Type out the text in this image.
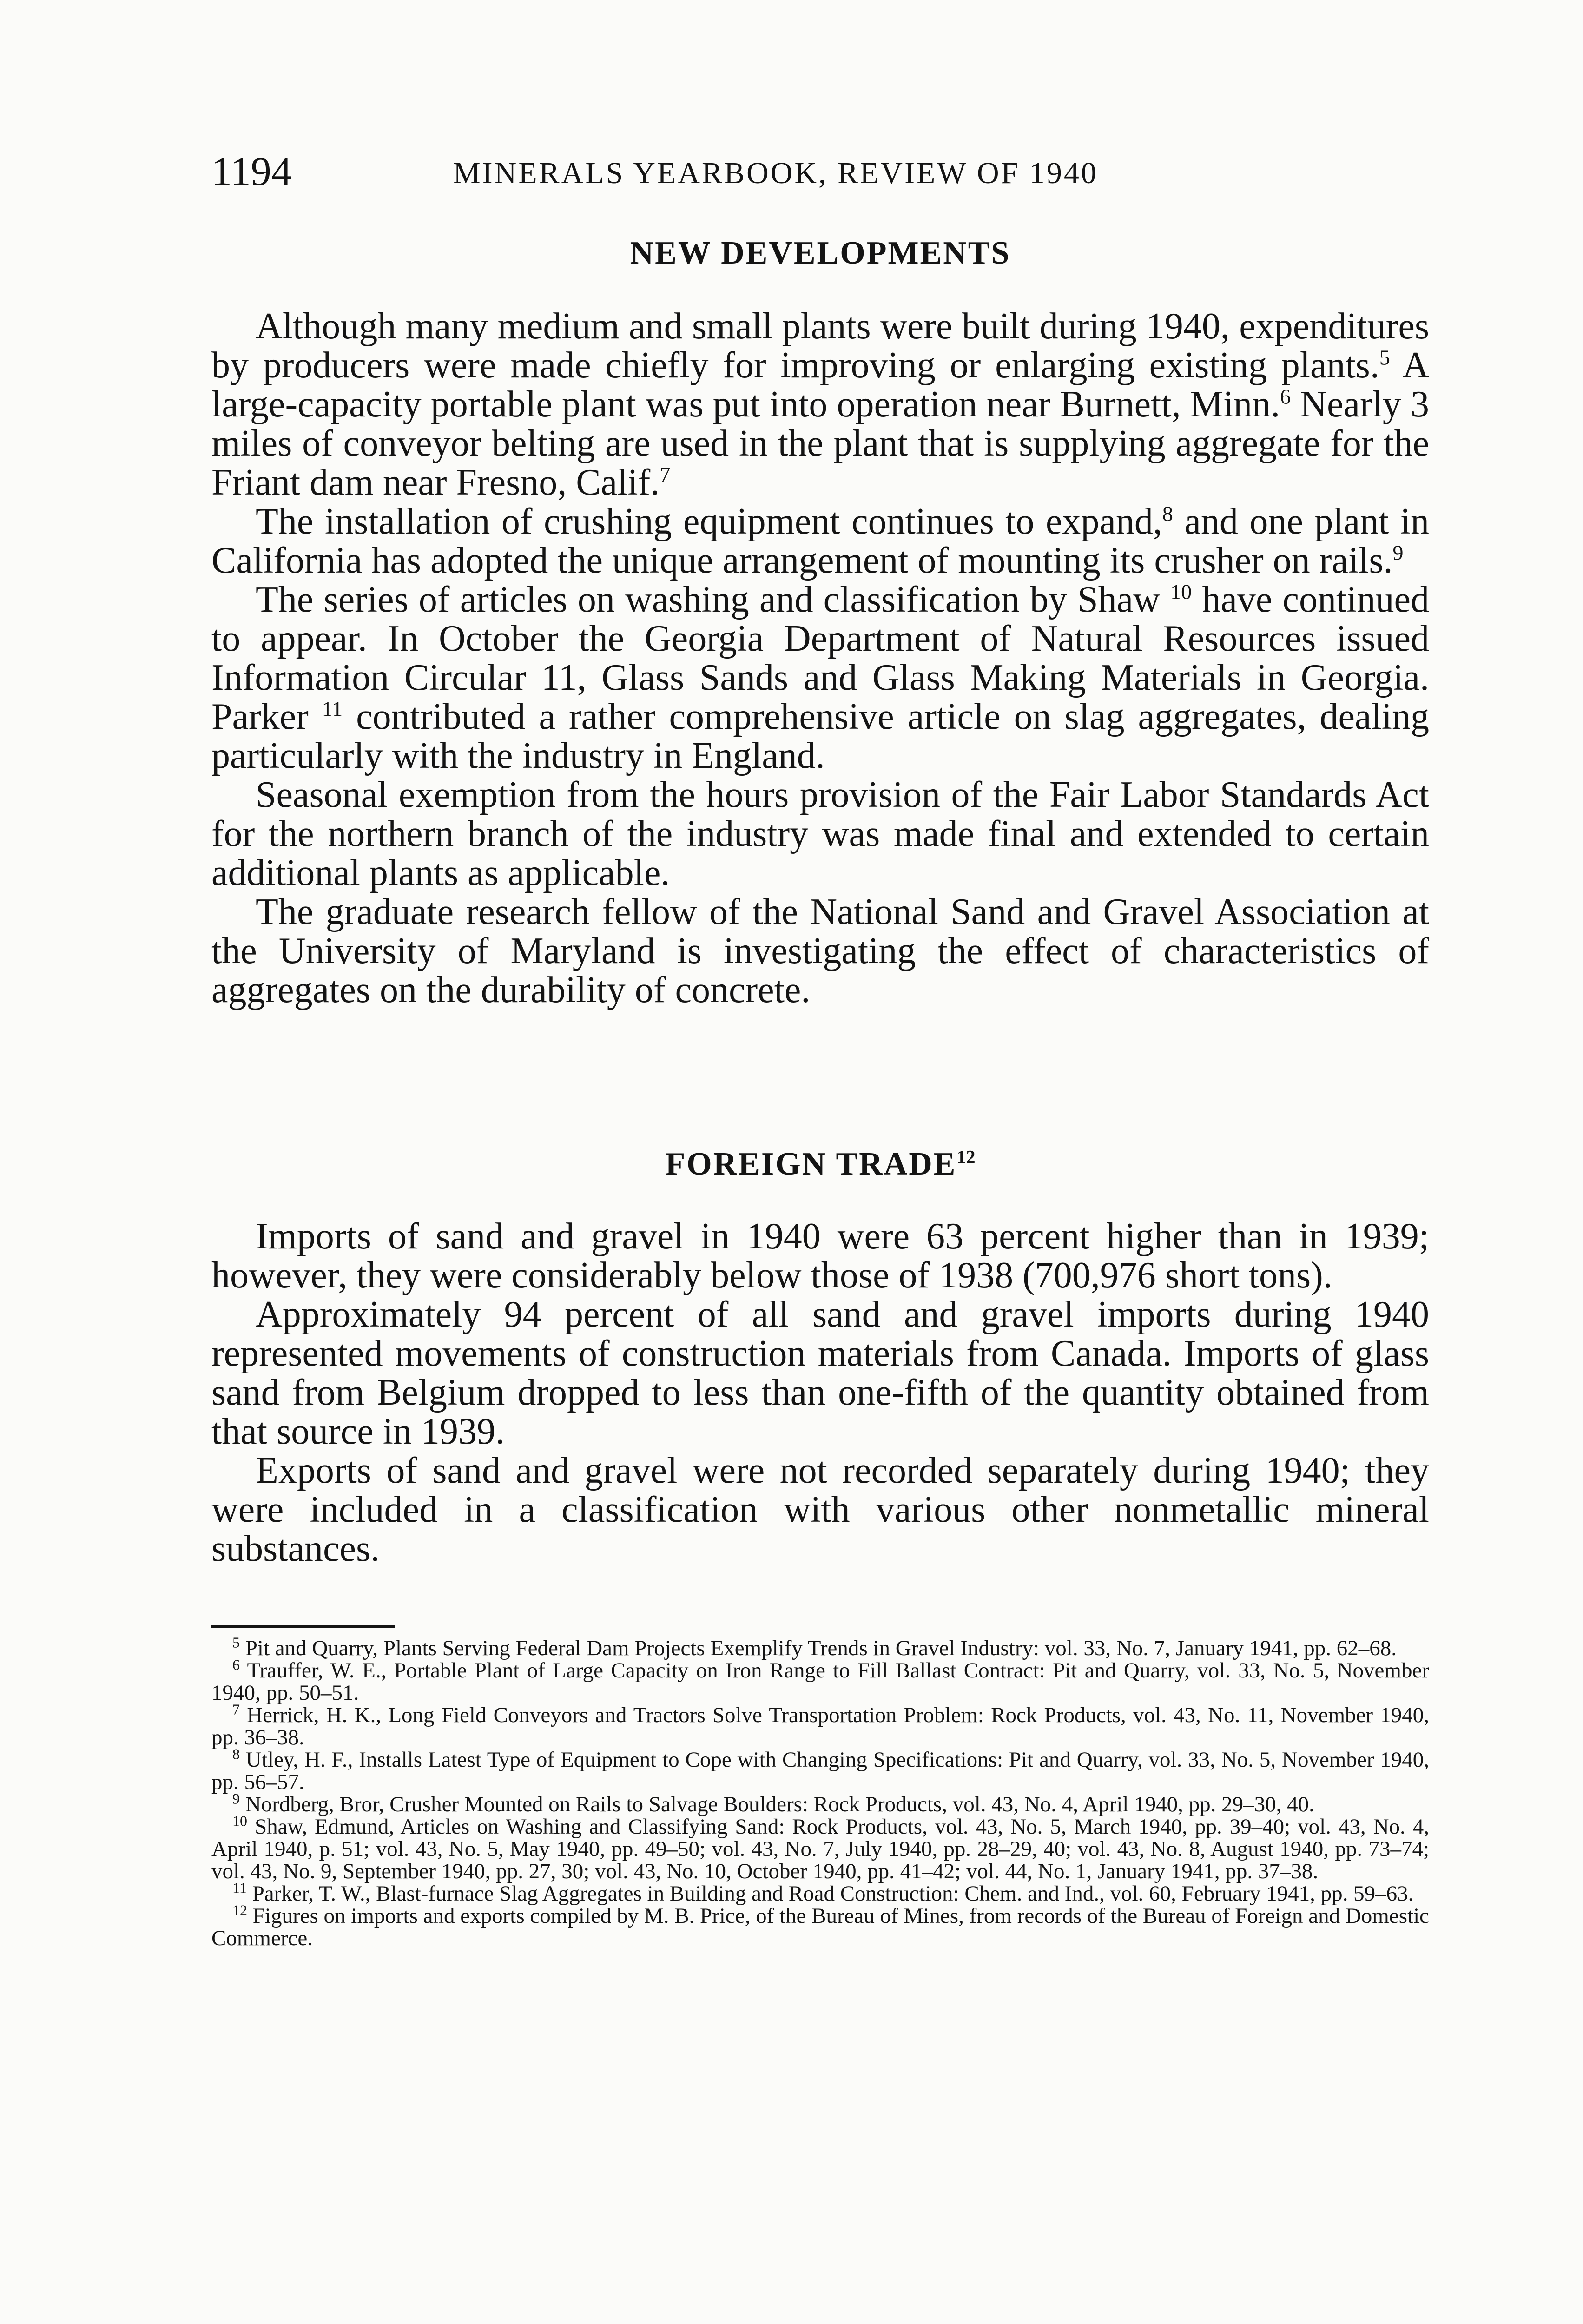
1194	MINERALS YEARBOOK, REVIEW OF 1940
NEW DEVELOPMENTS

Although many medium and small plants were built during 1940, expenditures by producers were made chiefly for improving or enlarging existing plants.$^5$ A large-capacity portable plant was put into operation near Burnett, Minn.$^6$ Nearly 3 miles of conveyor belting are used in the plant that is supplying aggregate for the Friant dam near Fresno, Calif.$^7$

The installation of crushing equipment continues to expand,$^8$ and one plant in California has adopted the unique arrangement of mounting its crusher on rails.$^9$

The series of articles on washing and classification by Shaw $^{10}$ have continued to appear. In October the Georgia Department of Natural Resources issued Information Circular 11, Glass Sands and Glass Making Materials in Georgia. Parker $^{11}$ contributed a rather comprehensive article on slag aggregates, dealing particularly with the industry in England.

Seasonal exemption from the hours provision of the Fair Labor Standards Act for the northern branch of the industry was made final and extended to certain additional plants as applicable.

The graduate research fellow of the National Sand and Gravel Association at the University of Maryland is investigating the effect of characteristics of aggregates on the durability of concrete.

FOREIGN TRADE$^{12}$

Imports of sand and gravel in 1940 were 63 percent higher than in 1939; however, they were considerably below those of 1938 (700,976 short tons).

Approximately 94 percent of all sand and gravel imports during 1940 represented movements of construction materials from Canada. Imports of glass sand from Belgium dropped to less than one-fifth of the quantity obtained from that source in 1939.

Exports of sand and gravel were not recorded separately during 1940; they were included in a classification with various other nonmetallic mineral substances.

$^5$ Pit and Quarry, Plants Serving Federal Dam Projects Exemplify Trends in Gravel Industry: vol. 33, No. 7, January 1941, pp. 62–68.

$^6$ Trauffer, W. E., Portable Plant of Large Capacity on Iron Range to Fill Ballast Contract: Pit and Quarry, vol. 33, No. 5, November 1940, pp. 50–51.

$^7$ Herrick, H. K., Long Field Conveyors and Tractors Solve Transportation Problem: Rock Products, vol. 43, No. 11, November 1940, pp. 36–38.

$^8$ Utley, H. F., Installs Latest Type of Equipment to Cope with Changing Specifications: Pit and Quarry, vol. 33, No. 5, November 1940, pp. 56–57.

$^9$ Nordberg, Bror, Crusher Mounted on Rails to Salvage Boulders: Rock Products, vol. 43, No. 4, April 1940, pp. 29–30, 40.

$^{10}$ Shaw, Edmund, Articles on Washing and Classifying Sand: Rock Products, vol. 43, No. 5, March 1940, pp. 39–40; vol. 43, No. 4, April 1940, p. 51; vol. 43, No. 5, May 1940, pp. 49–50; vol. 43, No. 7, July 1940, pp. 28–29, 40; vol. 43, No. 8, August 1940, pp. 73–74; vol. 43, No. 9, September 1940, pp. 27, 30; vol. 43, No. 10, October 1940, pp. 41–42; vol. 44, No. 1, January 1941, pp. 37–38.

$^{11}$ Parker, T. W., Blast-furnace Slag Aggregates in Building and Road Construction: Chem. and Ind., vol. 60, February 1941, pp. 59–63.

$^{12}$ Figures on imports and exports compiled by M. B. Price, of the Bureau of Mines, from records of the Bureau of Foreign and Domestic Commerce.
